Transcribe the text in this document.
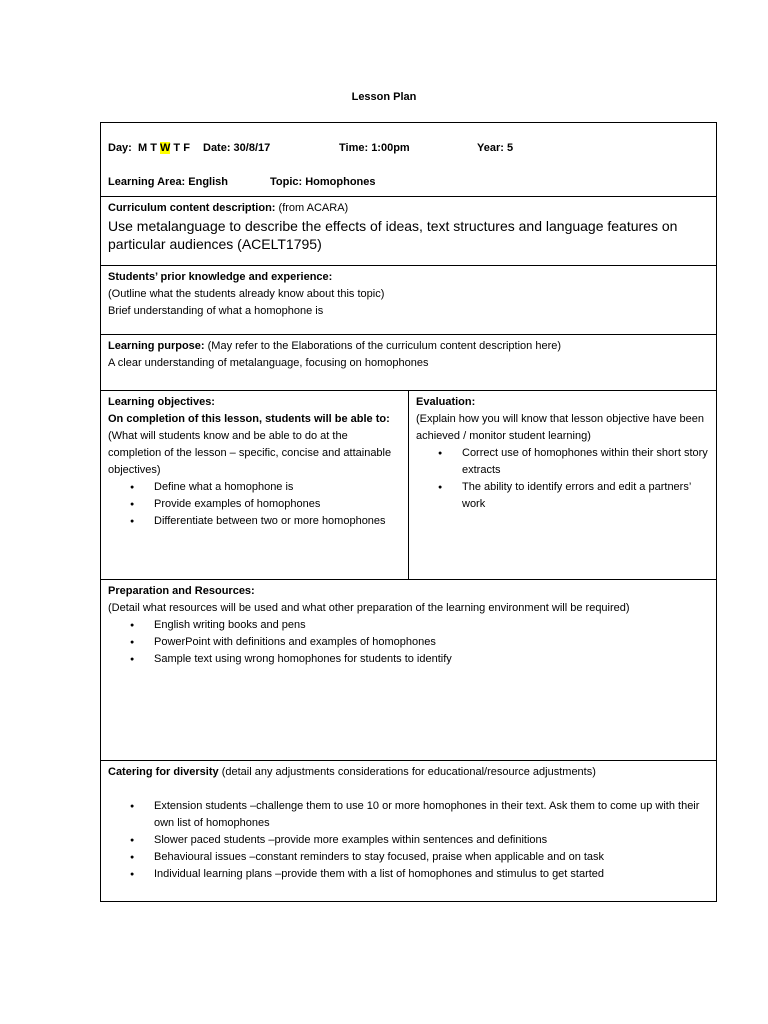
Lesson Plan
Day: M T W T F Date: 30/8/17	Time: 1:00pm	Year: 5
Learning Area: English	Topic: Homophones
Curriculum content description: (from ACARA)
Use metalanguage to describe the effects of ideas, text structures and language features on particular audiences (ACELT1795)
Students’ prior knowledge and experience:
(Outline what the students already know about this topic)
Brief understanding of what a homophone is
Learning purpose: (May refer to the Elaborations of the curriculum content description here)
A clear understanding of metalanguage, focusing on homophones
Learning objectives:
On completion of this lesson, students will be able to:
(What will students know and be able to do at the completion of the lesson – specific, concise and attainable objectives)
● Define what a homophone is
● Provide examples of homophones
● Differentiate between two or more homophones
Evaluation:
(Explain how you will know that lesson objective have been achieved / monitor student learning)
● Correct use of homophones within their short story extracts
● The ability to identify errors and edit a partners’ work
Preparation and Resources:
(Detail what resources will be used and what other preparation of the learning environment will be required)
● English writing books and pens
● PowerPoint with definitions and examples of homophones
● Sample text using wrong homophones for students to identify
Catering for diversity (detail any adjustments considerations for educational/resource adjustments)
● Extension students –challenge them to use 10 or more homophones in their text. Ask them to come up with their own list of homophones
● Slower paced students –provide more examples within sentences and definitions
● Behavioural issues –constant reminders to stay focused, praise when applicable and on task
● Individual learning plans –provide them with a list of homophones and stimulus to get started
